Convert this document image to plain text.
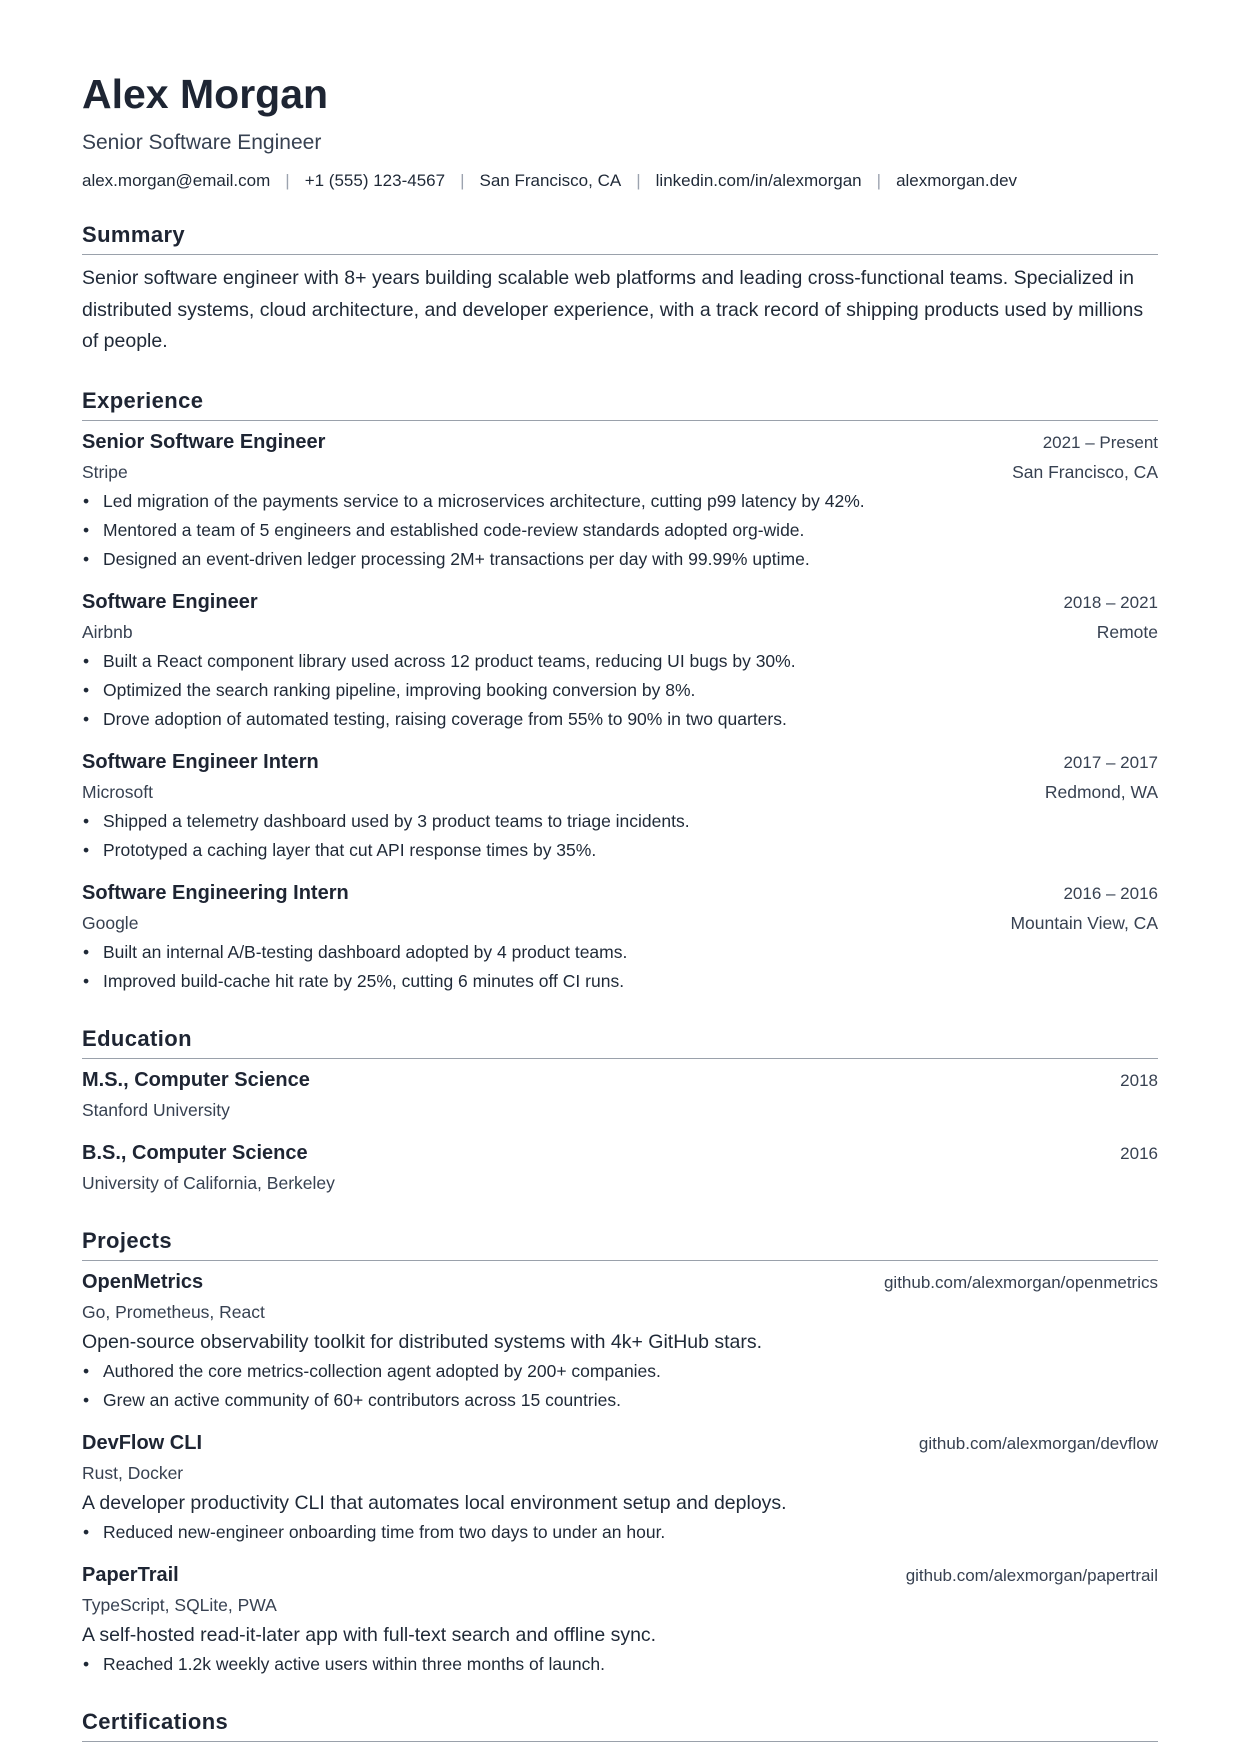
Alex Morgan
Senior Software Engineer
alex.morgan@email.com | +1 (555) 123-4567 | San Francisco, CA | linkedin.com/in/alexmorgan | alexmorgan.dev
Summary
Senior software engineer with 8+ years building scalable web platforms and leading cross-functional teams. Specialized in distributed systems, cloud architecture, and developer experience, with a track record of shipping products used by millions of people.
Experience
Senior Software Engineer	2021 – Present
Stripe	San Francisco, CA
• Led migration of the payments service to a microservices architecture, cutting p99 latency by 42%.
• Mentored a team of 5 engineers and established code-review standards adopted org-wide.
• Designed an event-driven ledger processing 2M+ transactions per day with 99.99% uptime.
Software Engineer	2018 – 2021
Airbnb	Remote
• Built a React component library used across 12 product teams, reducing UI bugs by 30%.
• Optimized the search ranking pipeline, improving booking conversion by 8%.
• Drove adoption of automated testing, raising coverage from 55% to 90% in two quarters.
Software Engineer Intern	2017 – 2017
Microsoft	Redmond, WA
• Shipped a telemetry dashboard used by 3 product teams to triage incidents.
• Prototyped a caching layer that cut API response times by 35%.
Software Engineering Intern	2016 – 2016
Google	Mountain View, CA
• Built an internal A/B-testing dashboard adopted by 4 product teams.
• Improved build-cache hit rate by 25%, cutting 6 minutes off CI runs.
Education
M.S., Computer Science	2018
Stanford University
B.S., Computer Science	2016
University of California, Berkeley
Projects
OpenMetrics	github.com/alexmorgan/openmetrics
Go, Prometheus, React
Open-source observability toolkit for distributed systems with 4k+ GitHub stars.
• Authored the core metrics-collection agent adopted by 200+ companies.
• Grew an active community of 60+ contributors across 15 countries.
DevFlow CLI	github.com/alexmorgan/devflow
Rust, Docker
A developer productivity CLI that automates local environment setup and deploys.
• Reduced new-engineer onboarding time from two days to under an hour.
PaperTrail	github.com/alexmorgan/papertrail
TypeScript, SQLite, PWA
A self-hosted read-it-later app with full-text search and offline sync.
• Reached 1.2k weekly active users within three months of launch.
Certifications
